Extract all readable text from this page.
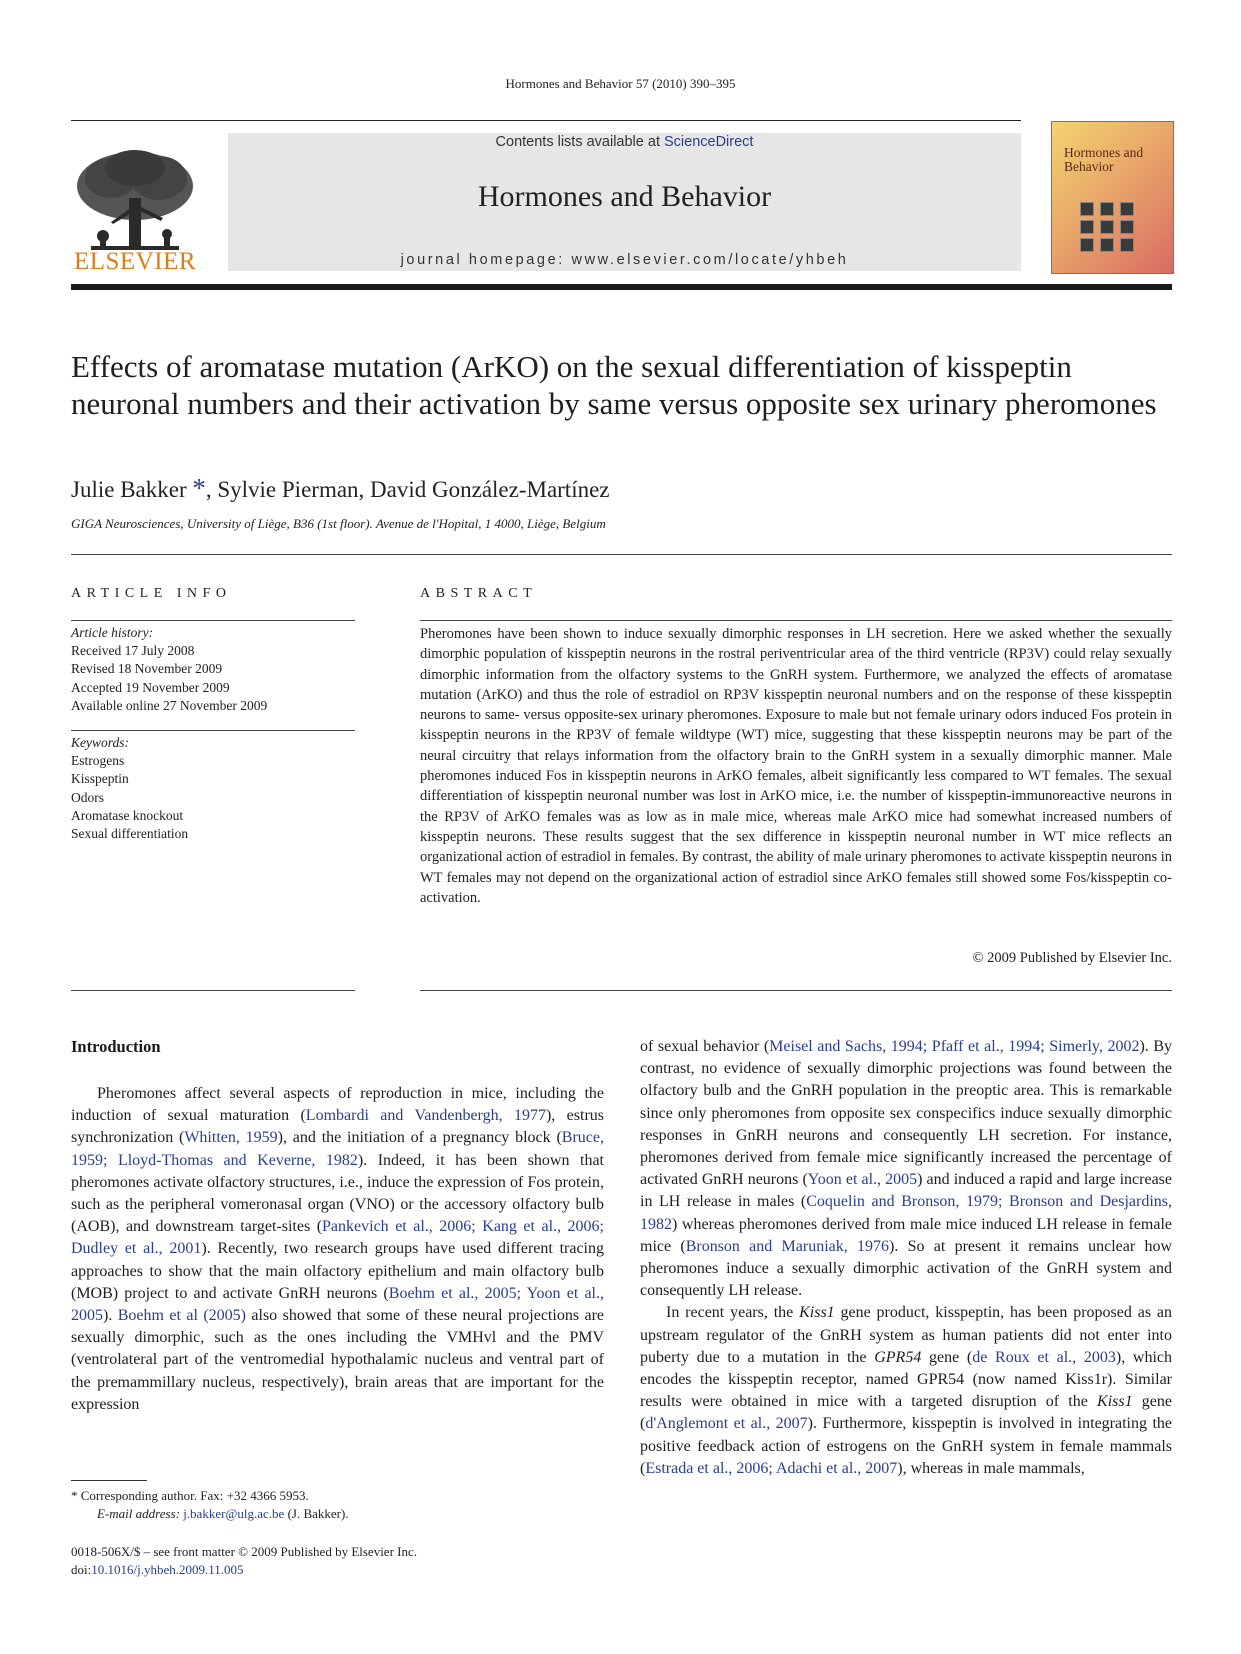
Hormones and Behavior 57 (2010) 390–395
ELSEVIER
Contents lists available at ScienceDirect
Hormones and Behavior
journal homepage: www.elsevier.com/locate/yhbeh
Hormones and Behavior
Effects of aromatase mutation (ArKO) on the sexual differentiation of kisspeptin neuronal numbers and their activation by same versus opposite sex urinary pheromones
Julie Bakker *, Sylvie Pierman, David González-Martínez
GIGA Neurosciences, University of Liège, B36 (1st floor). Avenue de l'Hopital, 1 4000, Liège, Belgium
ARTICLE INFO
Article history:
Received 17 July 2008
Revised 18 November 2009
Accepted 19 November 2009
Available online 27 November 2009
Keywords:
Estrogens
Kisspeptin
Odors
Aromatase knockout
Sexual differentiation
ABSTRACT
Pheromones have been shown to induce sexually dimorphic responses in LH secretion. Here we asked whether the sexually dimorphic population of kisspeptin neurons in the rostral periventricular area of the third ventricle (RP3V) could relay sexually dimorphic information from the olfactory systems to the GnRH system. Furthermore, we analyzed the effects of aromatase mutation (ArKO) and thus the role of estradiol on RP3V kisspeptin neuronal numbers and on the response of these kisspeptin neurons to same- versus opposite-sex urinary pheromones. Exposure to male but not female urinary odors induced Fos protein in kisspeptin neurons in the RP3V of female wildtype (WT) mice, suggesting that these kisspeptin neurons may be part of the neural circuitry that relays information from the olfactory brain to the GnRH system in a sexually dimorphic manner. Male pheromones induced Fos in kisspeptin neurons in ArKO females, albeit significantly less compared to WT females. The sexual differentiation of kisspeptin neuronal number was lost in ArKO mice, i.e. the number of kisspeptin-immunoreactive neurons in the RP3V of ArKO females was as low as in male mice, whereas male ArKO mice had somewhat increased numbers of kisspeptin neurons. These results suggest that the sex difference in kisspeptin neuronal number in WT mice reflects an organizational action of estradiol in females. By contrast, the ability of male urinary pheromones to activate kisspeptin neurons in WT females may not depend on the organizational action of estradiol since ArKO females still showed some Fos/kisspeptin co-activation.
© 2009 Published by Elsevier Inc.
Introduction

Pheromones affect several aspects of reproduction in mice, including the induction of sexual maturation (Lombardi and Vandenbergh, 1977), estrus synchronization (Whitten, 1959), and the initiation of a pregnancy block (Bruce, 1959; Lloyd-Thomas and Keverne, 1982). Indeed, it has been shown that pheromones activate olfactory structures, i.e., induce the expression of Fos protein, such as the peripheral vomeronasal organ (VNO) or the accessory olfactory bulb (AOB), and downstream target-sites (Pankevich et al., 2006; Kang et al., 2006; Dudley et al., 2001). Recently, two research groups have used different tracing approaches to show that the main olfactory epithelium and main olfactory bulb (MOB) project to and activate GnRH neurons (Boehm et al., 2005; Yoon et al., 2005). Boehm et al (2005) also showed that some of these neural projections are sexually dimorphic, such as the ones including the VMHvl and the PMV (ventrolateral part of the ventromedial hypothalamic nucleus and ventral part of the premammillary nucleus, respectively), brain areas that are important for the expression

of sexual behavior (Meisel and Sachs, 1994; Pfaff et al., 1994; Simerly, 2002). By contrast, no evidence of sexually dimorphic projections was found between the olfactory bulb and the GnRH population in the preoptic area. This is remarkable since only pheromones from opposite sex conspecifics induce sexually dimorphic responses in GnRH neurons and consequently LH secretion. For instance, pheromones derived from female mice significantly increased the percentage of activated GnRH neurons (Yoon et al., 2005) and induced a rapid and large increase in LH release in males (Coquelin and Bronson, 1979; Bronson and Desjardins, 1982) whereas pheromones derived from male mice induced LH release in female mice (Bronson and Maruniak, 1976). So at present it remains unclear how pheromones induce a sexually dimorphic activation of the GnRH system and consequently LH release.

In recent years, the Kiss1 gene product, kisspeptin, has been proposed as an upstream regulator of the GnRH system as human patients did not enter into puberty due to a mutation in the GPR54 gene (de Roux et al., 2003), which encodes the kisspeptin receptor, named GPR54 (now named Kiss1r). Similar results were obtained in mice with a targeted disruption of the Kiss1 gene (d'Anglemont et al., 2007). Furthermore, kisspeptin is involved in integrating the positive feedback action of estrogens on the GnRH system in female mammals (Estrada et al., 2006; Adachi et al., 2007), whereas in male mammals,

* Corresponding author. Fax: +32 4366 5953.
E-mail address: j.bakker@ulg.ac.be (J. Bakker).
0018-506X/$ – see front matter © 2009 Published by Elsevier Inc.
doi:10.1016/j.yhbeh.2009.11.005
